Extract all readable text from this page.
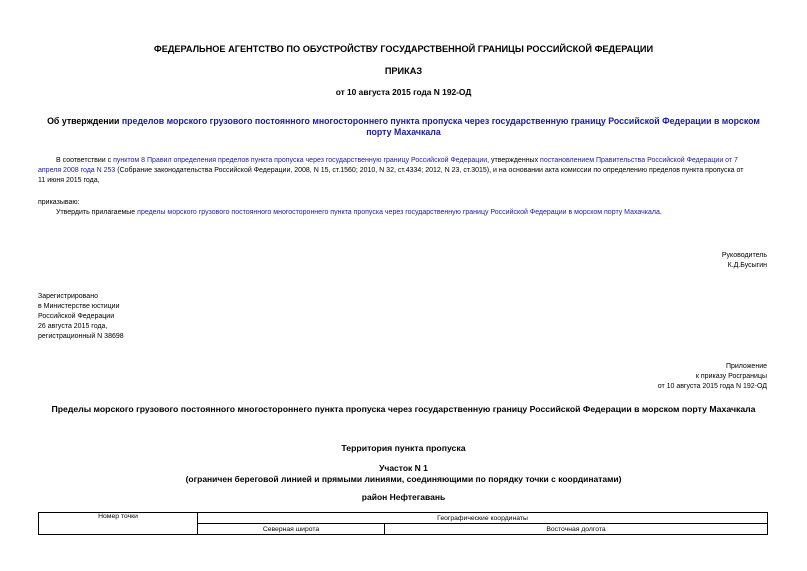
ФЕДЕРАЛЬНОЕ АГЕНТСТВО ПО ОБУСТРОЙСТВУ ГОСУДАРСТВЕННОЙ ГРАНИЦЫ РОССИЙСКОЙ ФЕДЕРАЦИИ
ПРИКАЗ
от 10 августа 2015 года N 192-ОД
Об утверждении пределов морского грузового постоянного многостороннего пункта пропуска через государственную границу Российской Федерации в морском
порту Махачкала
В соответствии с пунктом 8 Правил определения пределов пункта пропуска через государственную границу Российской Федерации, утвержденных постановлением Правительства Российской Федерации от 7
апреля 2008 года N 253 (Собрание законодательства Российской Федерации, 2008, N 15, ст.1560; 2010, N 32, ст.4334; 2012, N 23, ст.3015), и на основании акта комиссии по определению пределов пункта пропуска от
11 июня 2015 года,
приказываю:
Утвердить прилагаемые пределы морского грузового постоянного многостороннего пункта пропуска через государственную границу Российской Федерации в морском порту Махачкала.
Руководитель
К.Д.Бусыгин
Зарегистрировано
в Министерстве юстиции
Российской Федерации
26 августа 2015 года,
регистрационный N 38698
Приложение
к приказу Росграницы
от 10 августа 2015 года N 192-ОД
Пределы морского грузового постоянного многостороннего пункта пропуска через государственную границу Российской Федерации в морском порту Махачкала
Территория пункта пропуска
Участок N 1
(ограничен береговой линией и прямыми линиями, соединяющими по порядку точки с координатами)
район Нефтегавань
Номер точки	Географические координаты	
	Северная широта	Восточная долгота
